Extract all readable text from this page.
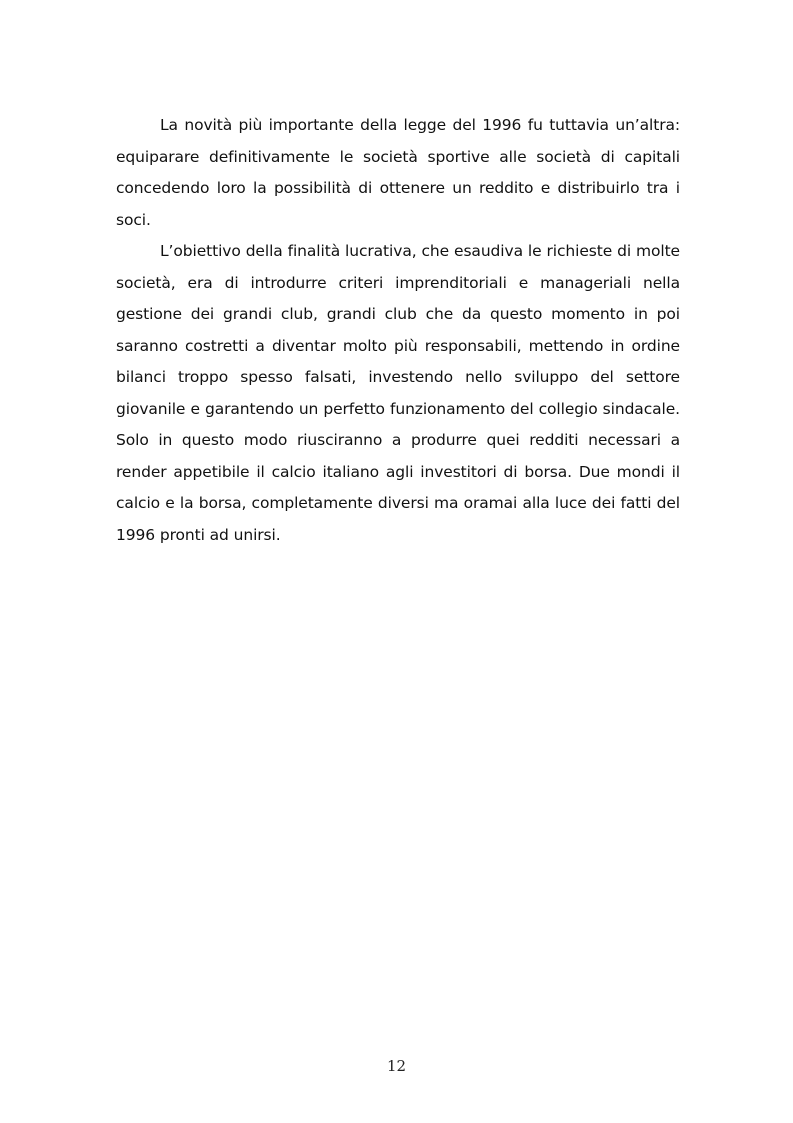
La novità più importante della legge del 1996 fu tuttavia un’altra: equiparare definitivamente le società sportive alle società di capitali concedendo loro la possibilità di ottenere un reddito e distribuirlo tra i soci.

L’obiettivo della finalità lucrativa, che esaudiva le richieste di molte società, era di introdurre criteri imprenditoriali e manageriali nella gestione dei grandi club, grandi club che da questo momento in poi saranno costretti a diventar molto più responsabili, mettendo in ordine bilanci troppo spesso falsati, investendo nello sviluppo del settore giovanile e garantendo un perfetto funzionamento del collegio sindacale. Solo in questo modo riusciranno a produrre quei redditi necessari a render appetibile il calcio italiano agli investitori di borsa. Due mondi il calcio e la borsa, completamente diversi ma oramai alla luce dei fatti del 1996 pronti ad unirsi.

12
